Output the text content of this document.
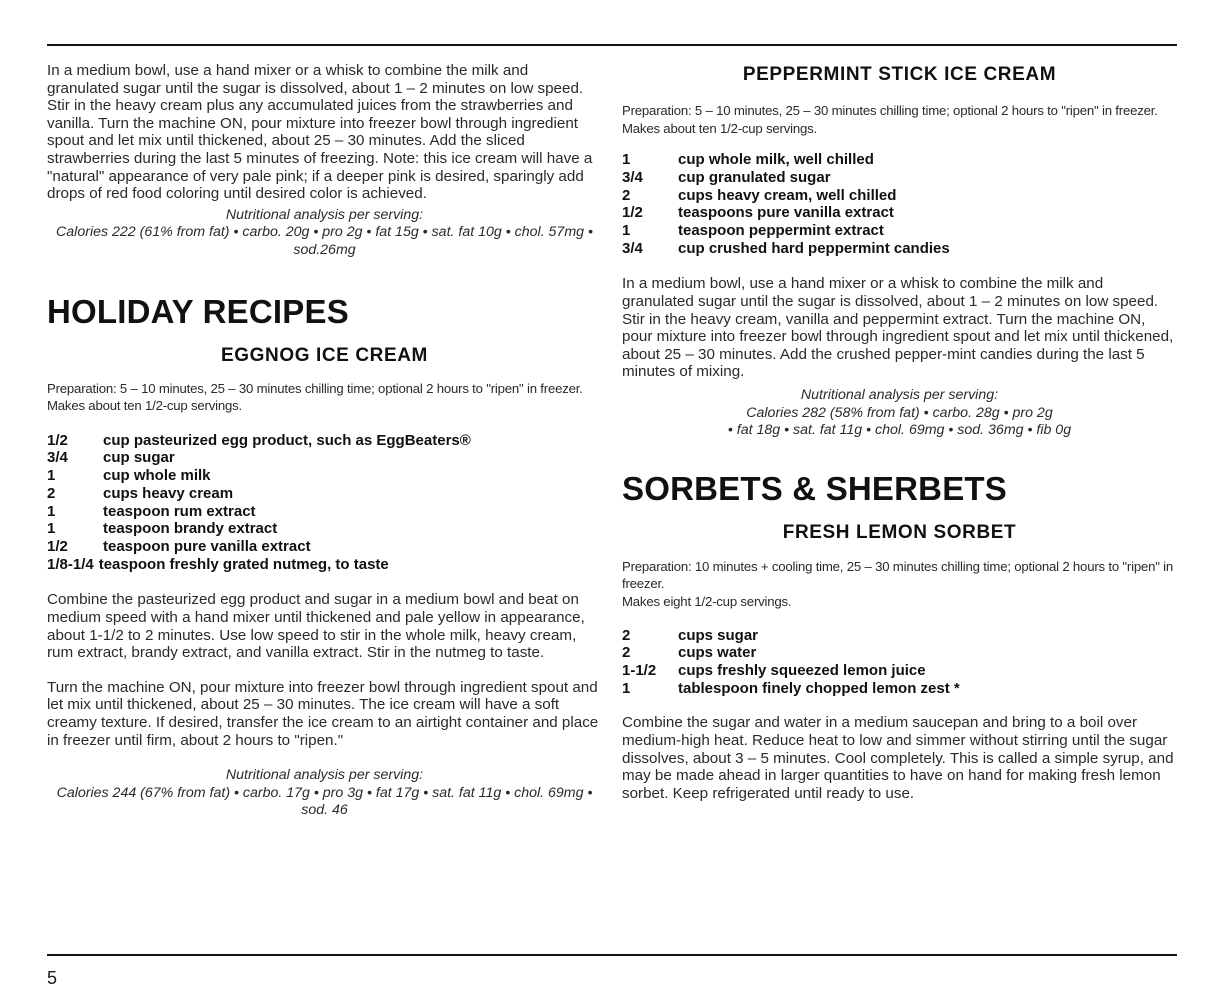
In a medium bowl, use a hand mixer or a whisk to combine the milk and granulated sugar until the sugar is dissolved, about 1 – 2 minutes on low speed. Stir in the heavy cream plus any accumulated juices from the strawberries and vanilla. Turn the machine ON, pour mixture into freezer bowl through ingredient spout and let mix until thickened, about 25 – 30 minutes. Add the sliced strawberries during the last 5 minutes of freezing. Note: this ice cream will have a "natural" appearance of very pale pink; if a deeper pink is desired, sparingly add drops of red food coloring until desired color is achieved.

Nutritional analysis per serving:

Calories 222 (61% from fat) • carbo. 20g • pro 2g • fat 15g • sat. fat 10g • chol. 57mg • sod.26mg

HOLIDAY RECIPES
EGGNOG ICE CREAM

Preparation: 5 – 10 minutes, 25 – 30 minutes chilling time; optional 2 hours to "ripen" in freezer.

Makes about ten 1/2-cup servings.

1/2	cup pasteurized egg product, such as EggBeaters®
3/4	cup sugar
1	cup whole milk
2	cups heavy cream
1	teaspoon rum extract
1	teaspoon brandy extract
1/2	teaspoon pure vanilla extract
1/8-1/4 teaspoon freshly grated nutmeg, to taste

Combine the pasteurized egg product and sugar in a medium bowl and beat on medium speed with a hand mixer until thickened and pale yellow in appearance, about 1-1/2 to 2 minutes. Use low speed to stir in the whole milk, heavy cream, rum extract, brandy extract, and vanilla extract. Stir in the nutmeg to taste.

Turn the machine ON, pour mixture into freezer bowl through ingredient spout and let mix until thickened, about 25 – 30 minutes. The ice cream will have a soft creamy texture. If desired, transfer the ice cream to an airtight container and place in freezer until firm, about 2 hours to "ripen."

Nutritional analysis per serving:

Calories 244 (67% from fat) • carbo. 17g • pro 3g • fat 17g • sat. fat 11g • chol. 69mg • sod. 46

PEPPERMINT STICK ICE CREAM

Preparation: 5 – 10 minutes, 25 – 30 minutes chilling time; optional 2 hours to "ripen" in freezer.

Makes about ten 1/2-cup servings.

1	cup whole milk, well chilled
3/4	cup granulated sugar
2	cups heavy cream, well chilled
1/2	teaspoons pure vanilla extract
1	teaspoon peppermint extract
3/4	cup crushed hard peppermint candies

In a medium bowl, use a hand mixer or a whisk to combine the milk and granulated sugar until the sugar is dissolved, about 1 – 2 minutes on low speed. Stir in the heavy cream, vanilla and peppermint extract. Turn the machine ON, pour mixture into freezer bowl through ingredient spout and let mix until thickened, about 25 – 30 minutes. Add the crushed pepper-mint candies during the last 5 minutes of mixing.

Nutritional analysis per serving:

Calories 282 (58% from fat) • carbo. 28g • pro 2g

• fat 18g • sat. fat 11g • chol. 69mg • sod. 36mg • fib 0g

SORBETS & SHERBETS
FRESH LEMON SORBET

Preparation: 10 minutes + cooling time, 25 – 30 minutes chilling time; optional 2 hours to "ripen" in freezer.

Makes eight 1/2-cup servings.

2	cups sugar
2	cups water
1-1/2	cups freshly squeezed lemon juice
1	tablespoon finely chopped lemon zest *

Combine the sugar and water in a medium saucepan and bring to a boil over medium-high heat. Reduce heat to low and simmer without stirring until the sugar dissolves, about 3 – 5 minutes. Cool completely. This is called a simple syrup, and may be made ahead in larger quantities to have on hand for making fresh lemon sorbet. Keep refrigerated until ready to use.

5
